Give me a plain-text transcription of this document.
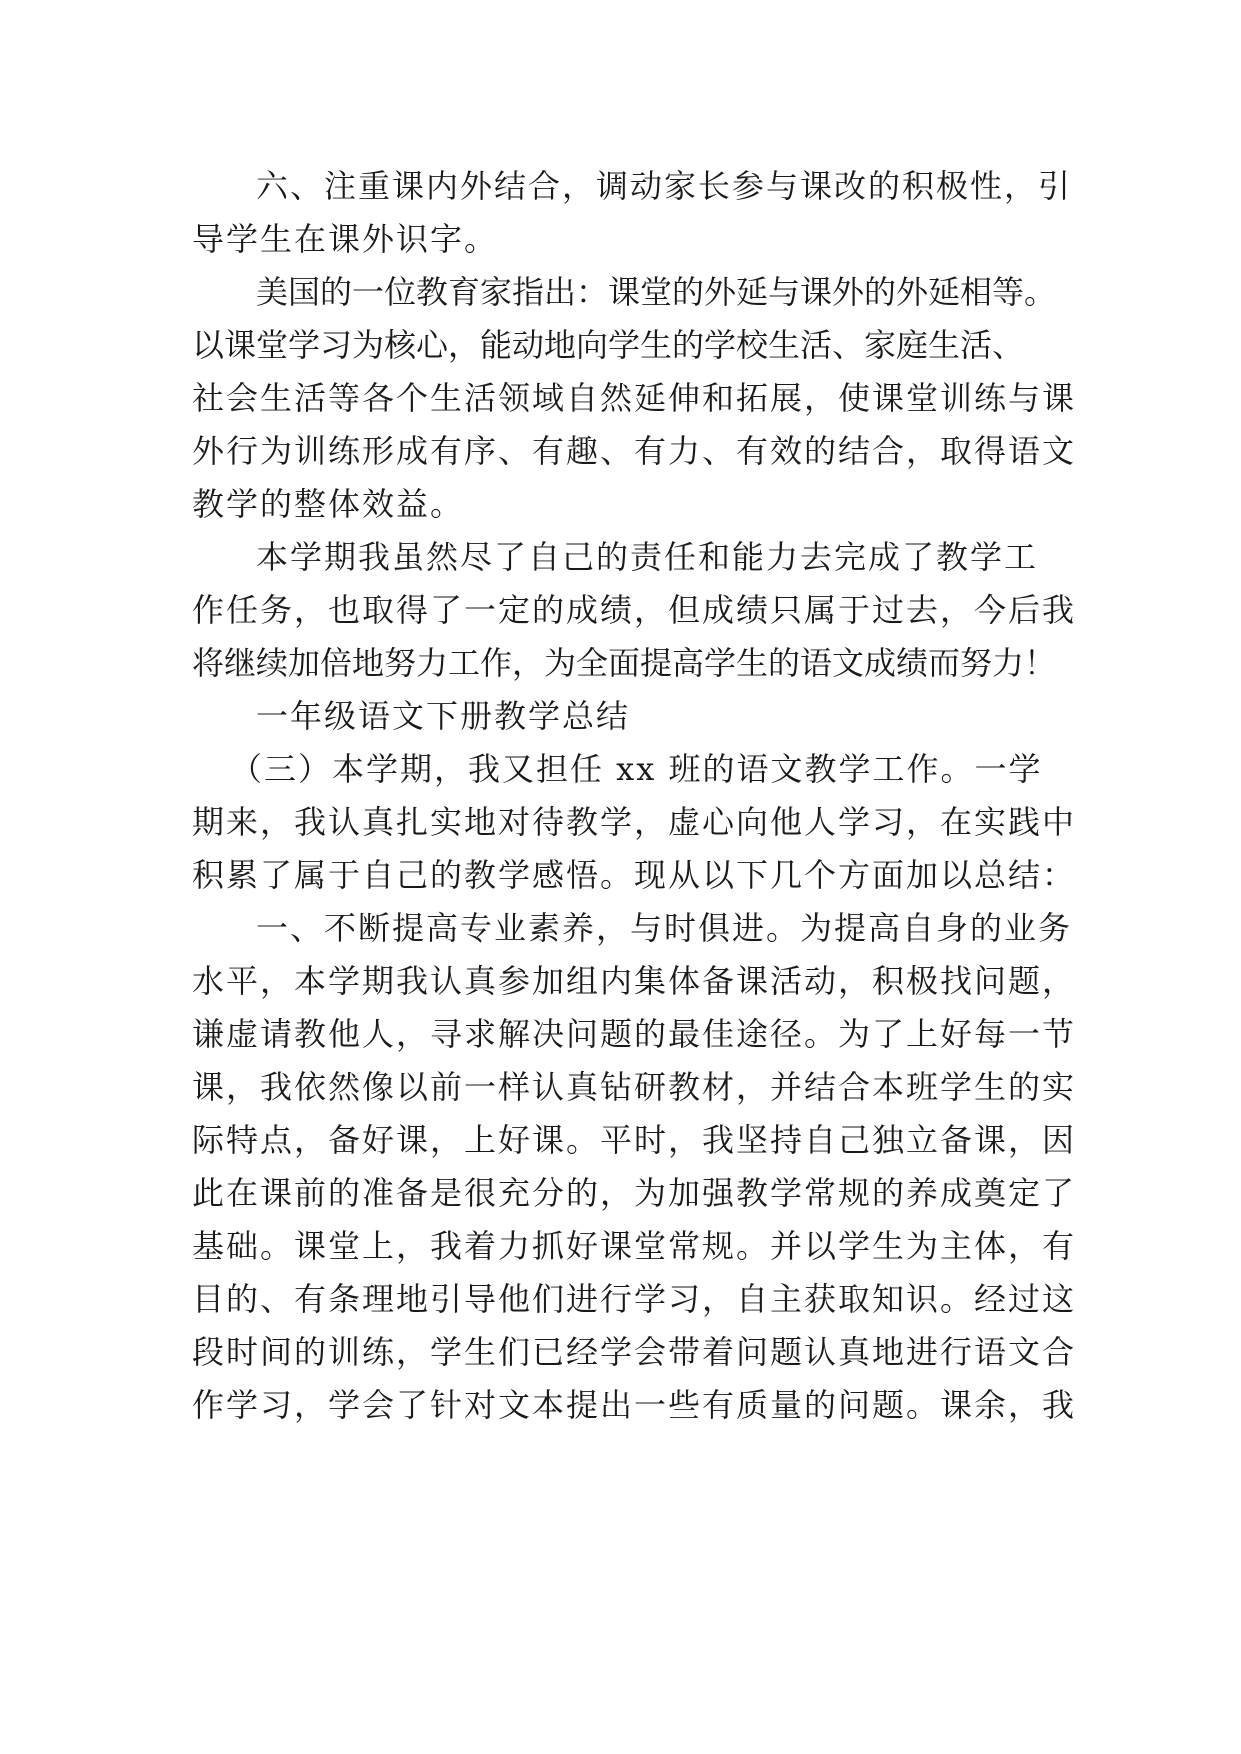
六、注重课内外结合，调动家长参与课改的积极性，引
导学生在课外识字。
美国的一位教育家指出：课堂的外延与课外的外延相等。
以课堂学习为核心，能动地向学生的学校生活、家庭生活、
社会生活等各个生活领域自然延伸和拓展，使课堂训练与课
外行为训练形成有序、有趣、有力、有效的结合，取得语文
教学的整体效益。
本学期我虽然尽了自己的责任和能力去完成了教学工
作任务，也取得了一定的成绩，但成绩只属于过去，今后我
将继续加倍地努力工作，为全面提高学生的语文成绩而努力！
一年级语文下册教学总结
（三）本学期，我又担任 xx 班的语文教学工作。一学
期来，我认真扎实地对待教学，虚心向他人学习，在实践中
积累了属于自己的教学感悟。现从以下几个方面加以总结：
一、不断提高专业素养，与时俱进。为提高自身的业务
水平，本学期我认真参加组内集体备课活动，积极找问题，
谦虚请教他人，寻求解决问题的最佳途径。为了上好每一节
课，我依然像以前一样认真钻研教材，并结合本班学生的实
际特点，备好课，上好课。平时，我坚持自己独立备课，因
此在课前的准备是很充分的，为加强教学常规的养成奠定了
基础。课堂上，我着力抓好课堂常规。并以学生为主体，有
目的、有条理地引导他们进行学习，自主获取知识。经过这
段时间的训练，学生们已经学会带着问题认真地进行语文合
作学习，学会了针对文本提出一些有质量的问题。课余，我
